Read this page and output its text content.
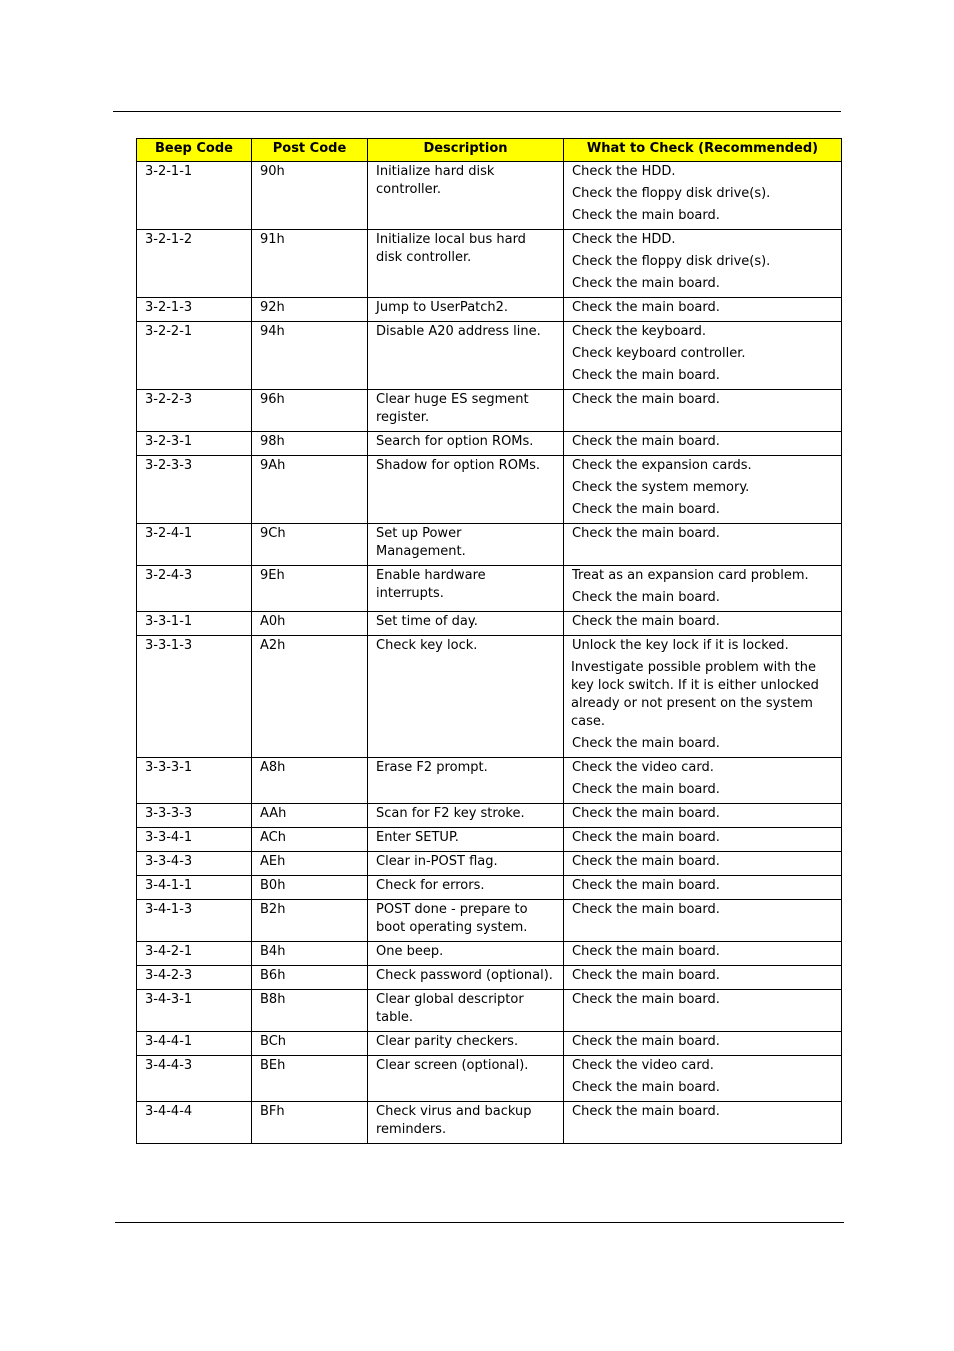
Beep Code	Post Code	Description	What to Check (Recommended)

3-2-1-1	90h	Initialize hard disk controller.	Check the HDD.
Check the floppy disk drive(s).
Check the main board.

3-2-1-2	91h	Initialize local bus hard disk controller.	Check the HDD.
Check the floppy disk drive(s).
Check the main board.

3-2-1-3	92h	Jump to UserPatch2.	Check the main board.

3-2-2-1	94h	Disable A20 address line.	Check the keyboard.
Check keyboard controller.
Check the main board.

3-2-2-3	96h	Clear huge ES segment register.	Check the main board.

3-2-3-1	98h	Search for option ROMs.	Check the main board.

3-2-3-3	9Ah	Shadow for option ROMs.	Check the expansion cards.
Check the system memory.
Check the main board.

3-2-4-1	9Ch	Set up Power Management.	Check the main board.

3-2-4-3	9Eh	Enable hardware interrupts.	Treat as an expansion card problem.
Check the main board.

3-3-1-1	A0h	Set time of day.	Check the main board.

3-3-1-3	A2h	Check key lock.	Unlock the key lock if it is locked.
Investigate possible problem with the key lock switch. If it is either unlocked already or not present on the system case.
Check the main board.

3-3-3-1	A8h	Erase F2 prompt.	Check the video card.
Check the main board.

3-3-3-3	AAh	Scan for F2 key stroke.	Check the main board.

3-3-4-1	ACh	Enter SETUP.	Check the main board.

3-3-4-3	AEh	Clear in-POST flag.	Check the main board.

3-4-1-1	B0h	Check for errors.	Check the main board.

3-4-1-3	B2h	POST done - prepare to boot operating system.	Check the main board.

3-4-2-1	B4h	One beep.	Check the main board.

3-4-2-3	B6h	Check password (optional).	Check the main board.

3-4-3-1	B8h	Clear global descriptor table.	Check the main board.

3-4-4-1	BCh	Clear parity checkers.	Check the main board.

3-4-4-3	BEh	Clear screen (optional).	Check the video card.
Check the main board.

3-4-4-4	BFh	Check virus and backup reminders.	Check the main board.
